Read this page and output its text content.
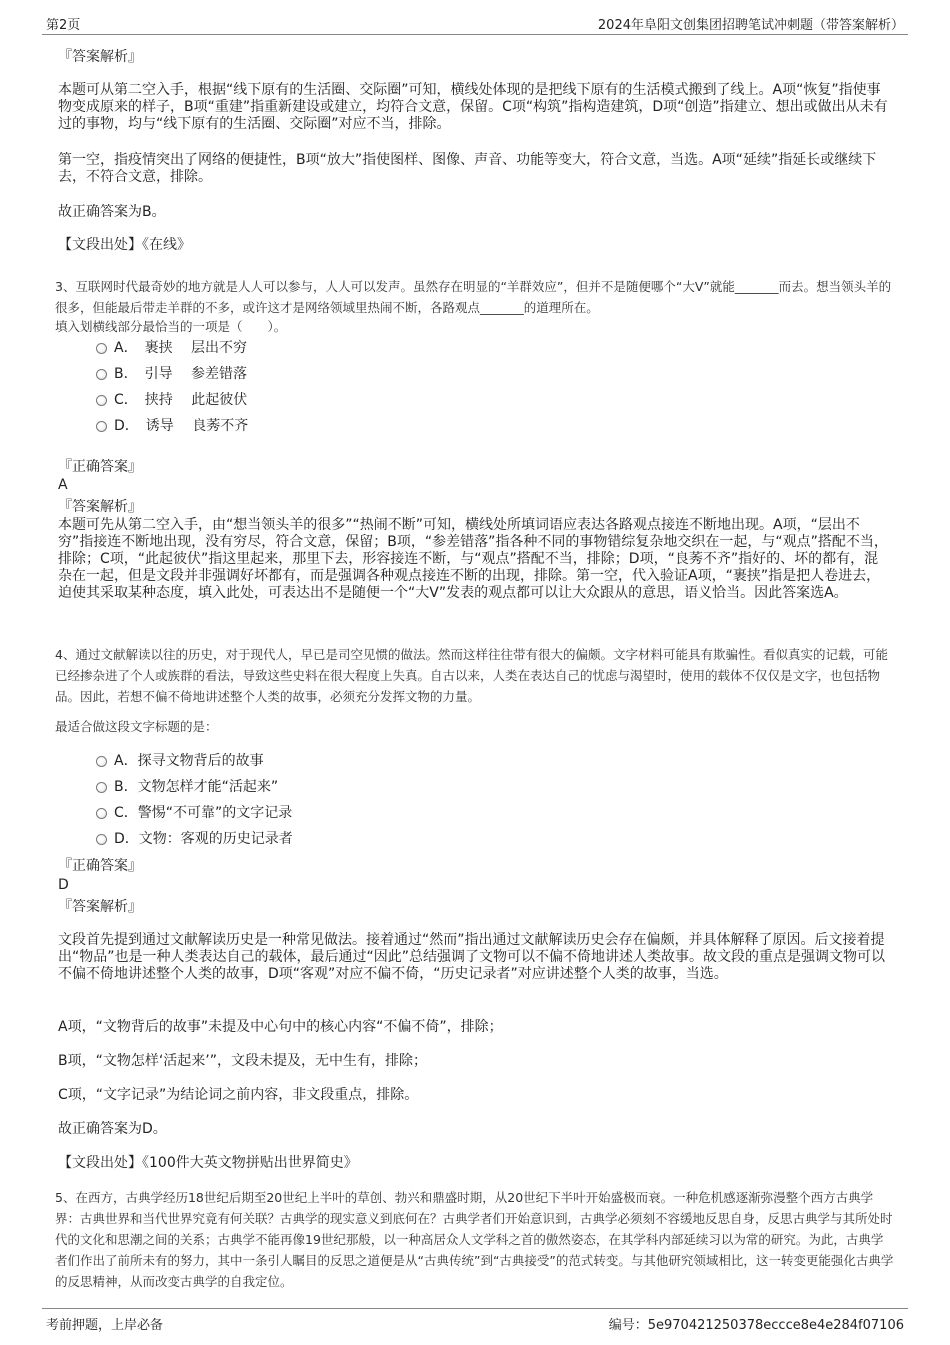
第2页	2024年阜阳文创集团招聘笔试冲刺题（带答案解析）
『答案解析』
本题可从第二空入手，根据“线下原有的生活圈、交际圈”可知，横线处体现的是把线下原有的生活模式搬到了线上。A项“恢复”指使事物变成原来的样子，B项“重建”指重新建设或建立，均符合文意，保留。C项“构筑”指构造建筑，D项“创造”指建立、想出或做出从未有过的事物，均与“线下原有的生活圈、交际圈”对应不当，排除。
第一空，指疫情突出了网络的便捷性，B项“放大”指使图样、图像、声音、功能等变大，符合文意，当选。A项“延续”指延长或继续下去，不符合文意，排除。
故正确答案为B。
【文段出处】《在线》
3、互联网时代最奇妙的地方就是人人可以参与，人人可以发声。虽然存在明显的“羊群效应”，但并不是随便哪个“大V”就能_______而去。想当领头羊的很多，但能最后带走羊群的不多，或许这才是网络领域里热闹不断，各路观点_______的道理所在。
填入划横线部分最恰当的一项是（　　）。
A．　裹挟　 层出不穷
B．　引导　 参差错落
C．　挟持　 此起彼伏
D．　诱导　 良莠不齐
『正确答案』
A
『答案解析』
本题可先从第二空入手，由“想当领头羊的很多”“热闹不断”可知，横线处所填词语应表达各路观点接连不断地出现。A项，“层出不穷”指接连不断地出现，没有穷尽，符合文意，保留；B项，“参差错落”指各种不同的事物错综复杂地交织在一起，与“观点”搭配不当，排除；C项，“此起彼伏”指这里起来，那里下去，形容接连不断，与“观点”搭配不当，排除；D项，“良莠不齐”指好的、坏的都有，混杂在一起，但是文段并非强调好坏都有，而是强调各种观点接连不断的出现，排除。第一空，代入验证A项，“裹挟”指是把人卷进去，迫使其采取某种态度，填入此处，可表达出不是随便一个“大V”发表的观点都可以让大众跟从的意思，语义恰当。因此答案选A。
4、通过文献解读以往的历史，对于现代人，早已是司空见惯的做法。然而这样往往带有很大的偏颇。文字材料可能具有欺骗性。看似真实的记载，可能已经掺杂进了个人或族群的看法，导致这些史料在很大程度上失真。自古以来，人类在表达自己的忧虑与渴望时，使用的载体不仅仅是文字，也包括物品。因此，若想不偏不倚地讲述整个人类的故事，必须充分发挥文物的力量。
最适合做这段文字标题的是：
A．探寻文物背后的故事
B．文物怎样才能“活起来”
C．警惕“不可靠”的文字记录
D．文物：客观的历史记录者
『正确答案』
D
『答案解析』
文段首先提到通过文献解读历史是一种常见做法。接着通过“然而”指出通过文献解读历史会存在偏颇，并具体解释了原因。后文接着提出“物品”也是一种人类表达自己的载体，最后通过“因此”总结强调了文物可以不偏不倚地讲述人类故事。故文段的重点是强调文物可以不偏不倚地讲述整个人类的故事，D项“客观”对应不偏不倚，“历史记录者”对应讲述整个人类的故事，当选。
A项，“文物背后的故事”未提及中心句中的核心内容“不偏不倚”，排除；
B项，“文物怎样‘活起来’”，文段未提及，无中生有，排除；
C项，“文字记录”为结论词之前内容，非文段重点，排除。
故正确答案为D。
【文段出处】《100件大英文物拼贴出世界简史》
5、在西方，古典学经历18世纪后期至20世纪上半叶的草创、勃兴和鼎盛时期，从20世纪下半叶开始盛极而衰。一种危机感逐渐弥漫整个西方古典学界：古典世界和当代世界究竟有何关联？古典学的现实意义到底何在？古典学者们开始意识到，古典学必须刻不容缓地反思自身，反思古典学与其所处时代的文化和思潮之间的关系；古典学不能再像19世纪那般，以一种高居众人文学科之首的傲然姿态，在其学科内部延续习以为常的研究。为此，古典学者们作出了前所未有的努力，其中一条引人瞩目的反思之道便是从“古典传统”到“古典接受”的范式转变。与其他研究领域相比，这一转变更能强化古典学的反思精神，从而改变古典学的自我定位。
考前押题，上岸必备	编号：5e970421250378eccce8e4e284f07106
